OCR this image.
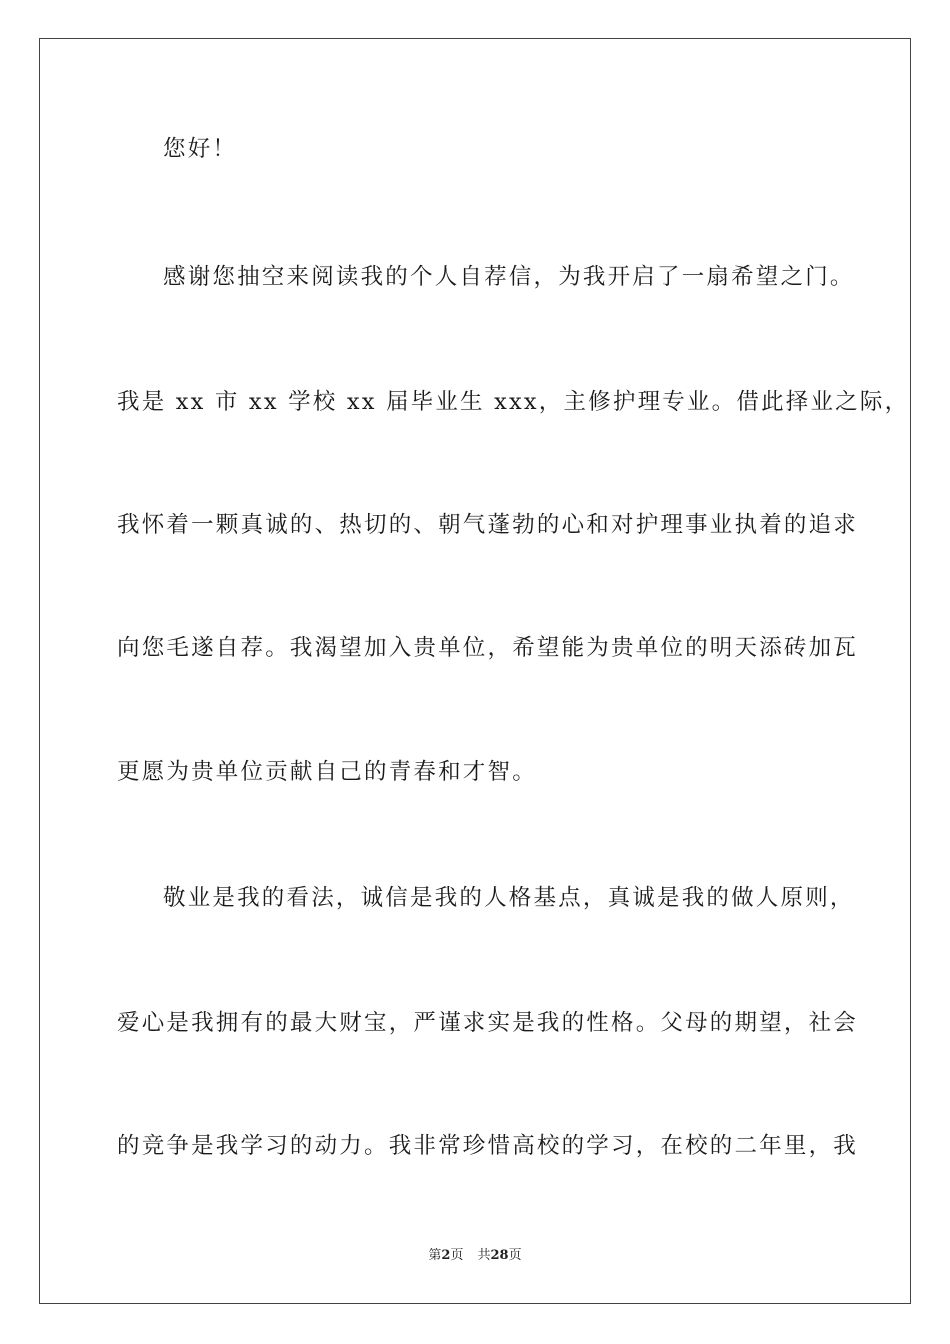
您好！

感谢您抽空来阅读我的个人自荐信，为我开启了一扇希望之门。

我是 xx 市 xx 学校 xx 届毕业生 xxx，主修护理专业。借此择业之际，

我怀着一颗真诚的、热切的、朝气蓬勃的心和对护理事业执着的追求

向您毛遂自荐。我渴望加入贵单位，希望能为贵单位的明天添砖加瓦

更愿为贵单位贡献自己的青春和才智。

敬业是我的看法，诚信是我的人格基点，真诚是我的做人原则，

爱心是我拥有的最大财宝，严谨求实是我的性格。父母的期望，社会

的竞争是我学习的动力。我非常珍惜高校的学习，在校的二年里，我

第2页 共28页
